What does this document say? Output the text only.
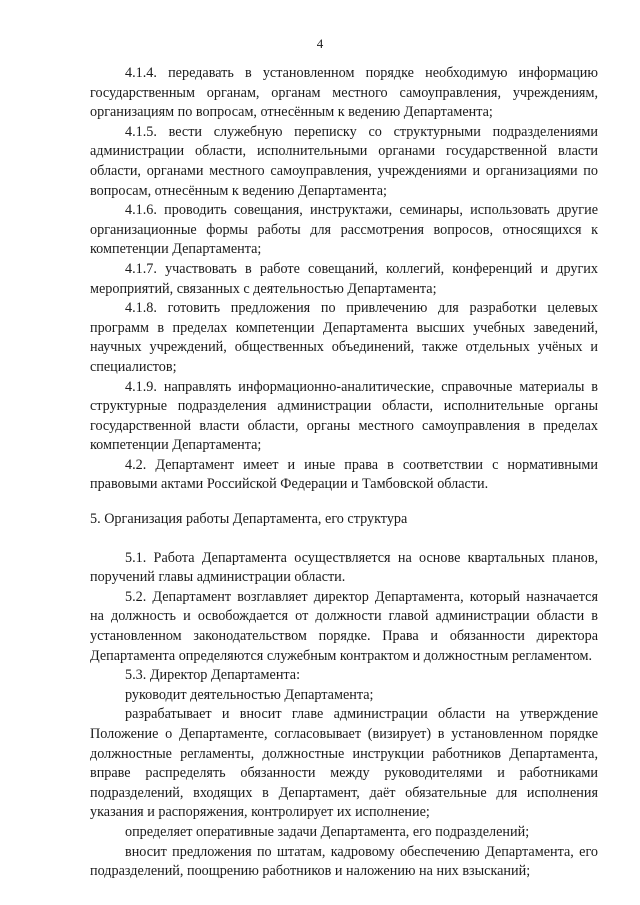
4

4.1.4. передавать в установленном порядке необходимую информацию государственным органам, органам местного самоуправления, учреждениям, организациям по вопросам, отнесённым к ведению Департамента;

4.1.5. вести служебную переписку со структурными подразделениями администрации области, исполнительными органами государственной власти области, органами местного самоуправления, учреждениями и организациями по вопросам, отнесённым к ведению Департамента;

4.1.6. проводить совещания, инструктажи, семинары, использовать другие организационные формы работы для рассмотрения вопросов, относящихся к компетенции Департамента;

4.1.7. участвовать в работе совещаний, коллегий, конференций и других мероприятий, связанных с деятельностью Департамента;

4.1.8. готовить предложения по привлечению для разработки целевых программ в пределах компетенции Департамента высших учебных заведений, научных учреждений, общественных объединений, также отдельных учёных и специалистов;

4.1.9. направлять информационно-аналитические, справочные материалы в структурные подразделения администрации области, исполнительные органы государственной власти области, органы местного самоуправления в пределах компетенции Департамента;

4.2. Департамент имеет и иные права в соответствии с нормативными правовыми актами Российской Федерации и Тамбовской области.

5. Организация работы Департамента, его структура

5.1. Работа Департамента осуществляется на основе квартальных планов, поручений главы администрации области.

5.2. Департамент возглавляет директор Департамента, который назначается на должность и освобождается от должности главой администрации области в установленном законодательством порядке. Права и обязанности директора Департамента определяются служебным контрактом и должностным регламентом.

5.3. Директор Департамента:

руководит деятельностью Департамента;

разрабатывает и вносит главе администрации области на утверждение Положение о Департаменте, согласовывает (визирует) в установленном порядке должностные регламенты, должностные инструкции работников Департамента, вправе распределять обязанности между руководителями и работниками подразделений, входящих в Департамент, даёт обязательные для исполнения указания и распоряжения, контролирует их исполнение;

определяет оперативные задачи Департамента, его подразделений;

вносит предложения по штатам, кадровому обеспечению Департамента, его подразделений, поощрению работников и наложению на них взысканий;
